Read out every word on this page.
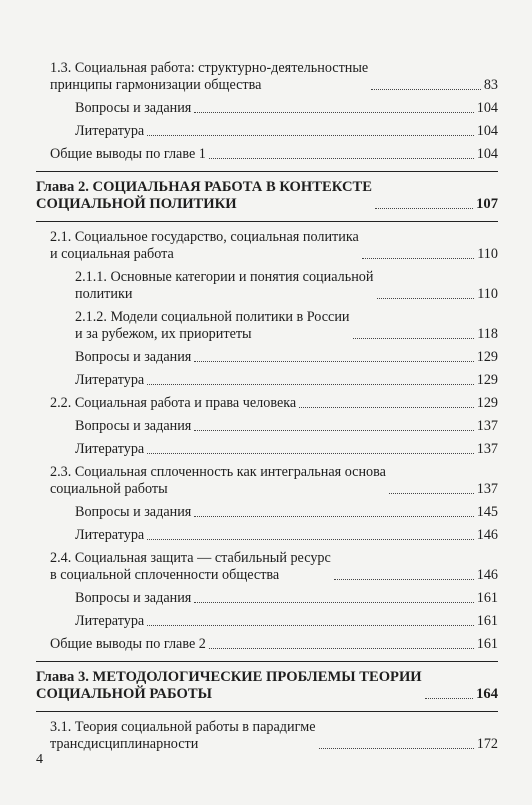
1.3. Социальная работа: структурно-деятельностные
принципы гармонизации общества	83
Вопросы и задания	104
Литература	104
Общие выводы по главе 1	104
Глава 2. СОЦИАЛЬНАЯ РАБОТА В КОНТЕКСТЕ
СОЦИАЛЬНОЙ ПОЛИТИКИ	107
2.1. Социальное государство, социальная политика
и социальная работа	110
2.1.1. Основные категории и понятия социальной
политики	110
2.1.2. Модели социальной политики в России
и за рубежом, их приоритеты	118
Вопросы и задания	129
Литература	129
2.2. Социальная работа и права человека	129
Вопросы и задания	137
Литература	137
2.3. Социальная сплоченность как интегральная основа
социальной работы	137
Вопросы и задания	145
Литература	146
2.4. Социальная защита — стабильный ресурс
в социальной сплоченности общества	146
Вопросы и задания	161
Литература	161
Общие выводы по главе 2	161
Глава 3. МЕТОДОЛОГИЧЕСКИЕ ПРОБЛЕМЫ ТЕОРИИ
СОЦИАЛЬНОЙ РАБОТЫ	164
3.1. Теория социальной работы в парадигме
трансдисциплинарности	172
4
